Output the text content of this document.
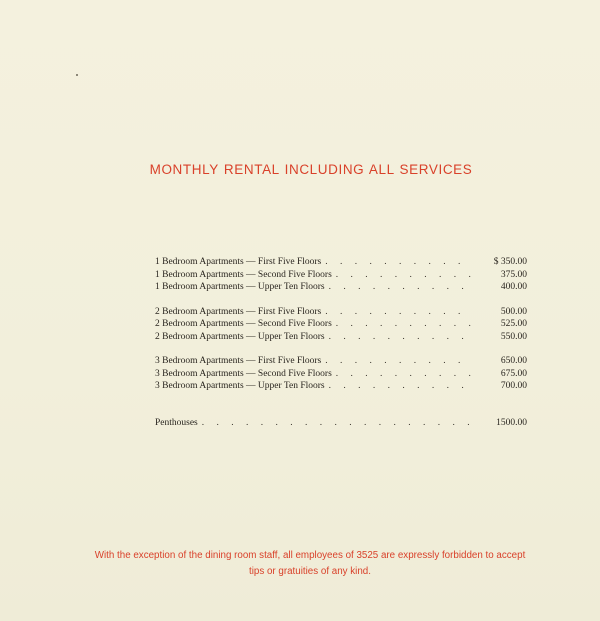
MONTHLY RENTAL INCLUDING ALL SERVICES
1 Bedroom Apartments — First Five Floors . . .	$ 350.00
1 Bedroom Apartments — Second Five Floors . . .	375.00
1 Bedroom Apartments — Upper Ten Floors . . .	400.00
2 Bedroom Apartments — First Five Floors . . .	500.00
2 Bedroom Apartments — Second Five Floors . . .	525.00
2 Bedroom Apartments — Upper Ten Floors . . .	550.00
3 Bedroom Apartments — First Five Floors . . .	650.00
3 Bedroom Apartments — Second Five Floors . . .	675.00
3 Bedroom Apartments — Upper Ten Floors . . .	700.00
Penthouses . . .	1500.00
With the exception of the dining room staff, all employees of 3525 are expressly forbidden to accept
tips or gratuities of any kind.
